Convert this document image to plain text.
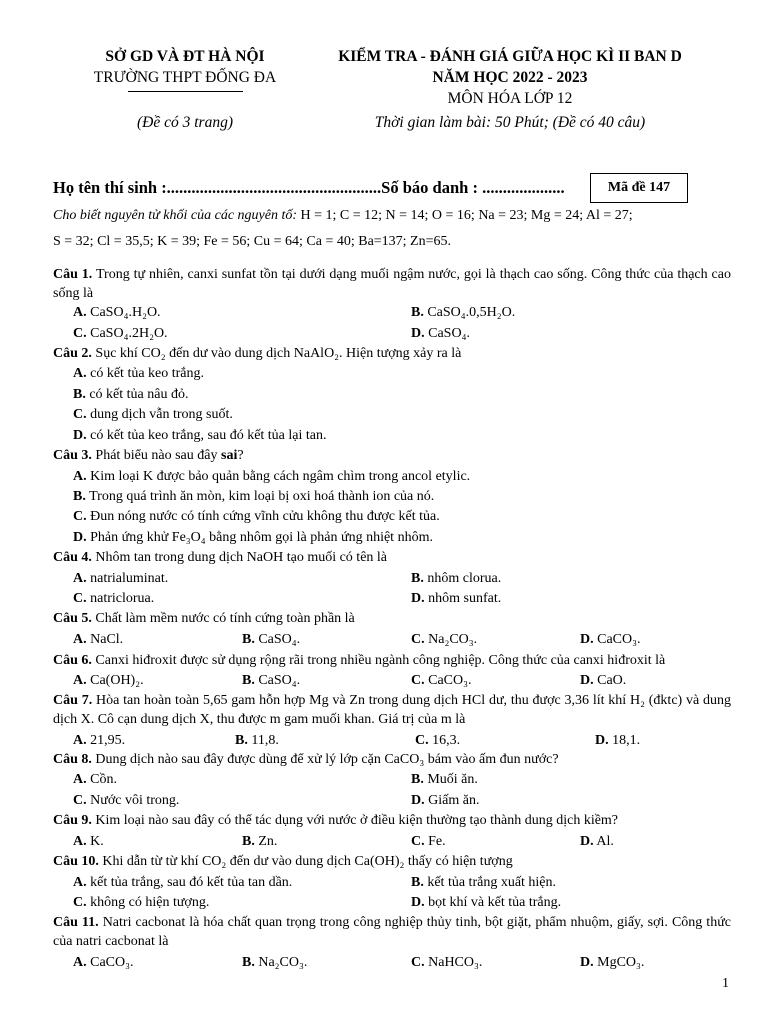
SỞ GD VÀ ĐT HÀ NỘI
TRƯỜNG THPT ĐỐNG ĐA
(Đề có 3 trang)
KIỂM TRA - ĐÁNH GIÁ GIỮA HỌC KÌ II BAN D
NĂM HỌC 2022 - 2023
MÔN HÓA LỚP 12
Thời gian làm bài: 50 Phút; (Đề có 40 câu)
Họ tên thí sinh :....................................................Số báo danh : ....................	Mã đề 147
Cho biết nguyên tử khối của các nguyên tố: H = 1; C = 12; N = 14; O = 16; Na = 23; Mg = 24; Al = 27;
S = 32; Cl = 35,5; K = 39; Fe = 56; Cu = 64; Ca = 40; Ba=137; Zn=65.
Câu 1. Trong tự nhiên, canxi sunfat tồn tại dưới dạng muối ngậm nước, gọi là thạch cao sống. Công thức của thạch cao sống là
A. CaSO₄.H₂O.	B. CaSO₄.0,5H₂O.
C. CaSO₄.2H₂O.	D. CaSO₄.
Câu 2. Sục khí CO₂ đến dư vào dung dịch NaAlO₂. Hiện tượng xảy ra là
A. có kết tủa keo trắng.
B. có kết tủa nâu đỏ.
C. dung dịch vẫn trong suốt.
D. có kết tủa keo trắng, sau đó kết tủa lại tan.
Câu 3. Phát biểu nào sau đây sai?
A. Kim loại K được bảo quản bằng cách ngâm chìm trong ancol etylic.
B. Trong quá trình ăn mòn, kim loại bị oxi hoá thành ion của nó.
C. Đun nóng nước có tính cứng vĩnh cửu không thu được kết tủa.
D. Phản ứng khử Fe₃O₄ bằng nhôm gọi là phản ứng nhiệt nhôm.
Câu 4. Nhôm tan trong dung dịch NaOH tạo muối có tên là
A. natrialuminat.	B. nhôm clorua.
C. natriclorua.	D. nhôm sunfat.
Câu 5. Chất làm mềm nước có tính cứng toàn phần là
A. NaCl.	B. CaSO₄.	C. Na₂CO₃.	D. CaCO₃.
Câu 6. Canxi hiđroxit được sử dụng rộng rãi trong nhiều ngành công nghiệp. Công thức của canxi hiđroxit là
A. Ca(OH)₂.	B. CaSO₄.	C. CaCO₃.	D. CaO.
Câu 7. Hòa tan hoàn toàn 5,65 gam hỗn hợp Mg và Zn trong dung dịch HCl dư, thu được 3,36 lít khí H₂ (đktc) và dung dịch X. Cô cạn dung dịch X, thu được m gam muối khan. Giá trị của m là
A. 21,95.	B. 11,8.	C. 16,3.	D. 18,1.
Câu 8. Dung dịch nào sau đây được dùng để xử lý lớp cặn CaCO₃ bám vào ấm đun nước?
A. Cồn.	B. Muối ăn.
C. Nước vôi trong.	D. Giấm ăn.
Câu 9. Kim loại nào sau đây có thể tác dụng với nước ở điều kiện thường tạo thành dung dịch kiềm?
A. K.	B. Zn.	C. Fe.	D. Al.
Câu 10. Khi dẫn từ từ khí CO₂ đến dư vào dung dịch Ca(OH)₂ thấy có hiện tượng
A. kết tủa trắng, sau đó kết tủa tan dần.	B. kết tủa trắng xuất hiện.
C. không có hiện tượng.	D. bọt khí và kết tủa trắng.
Câu 11. Natri cacbonat là hóa chất quan trọng trong công nghiệp thủy tinh, bột giặt, phẩm nhuộm, giấy, sợi. Công thức của natri cacbonat là
A. CaCO₃.	B. Na₂CO₃.	C. NaHCO₃.	D. MgCO₃.
1
